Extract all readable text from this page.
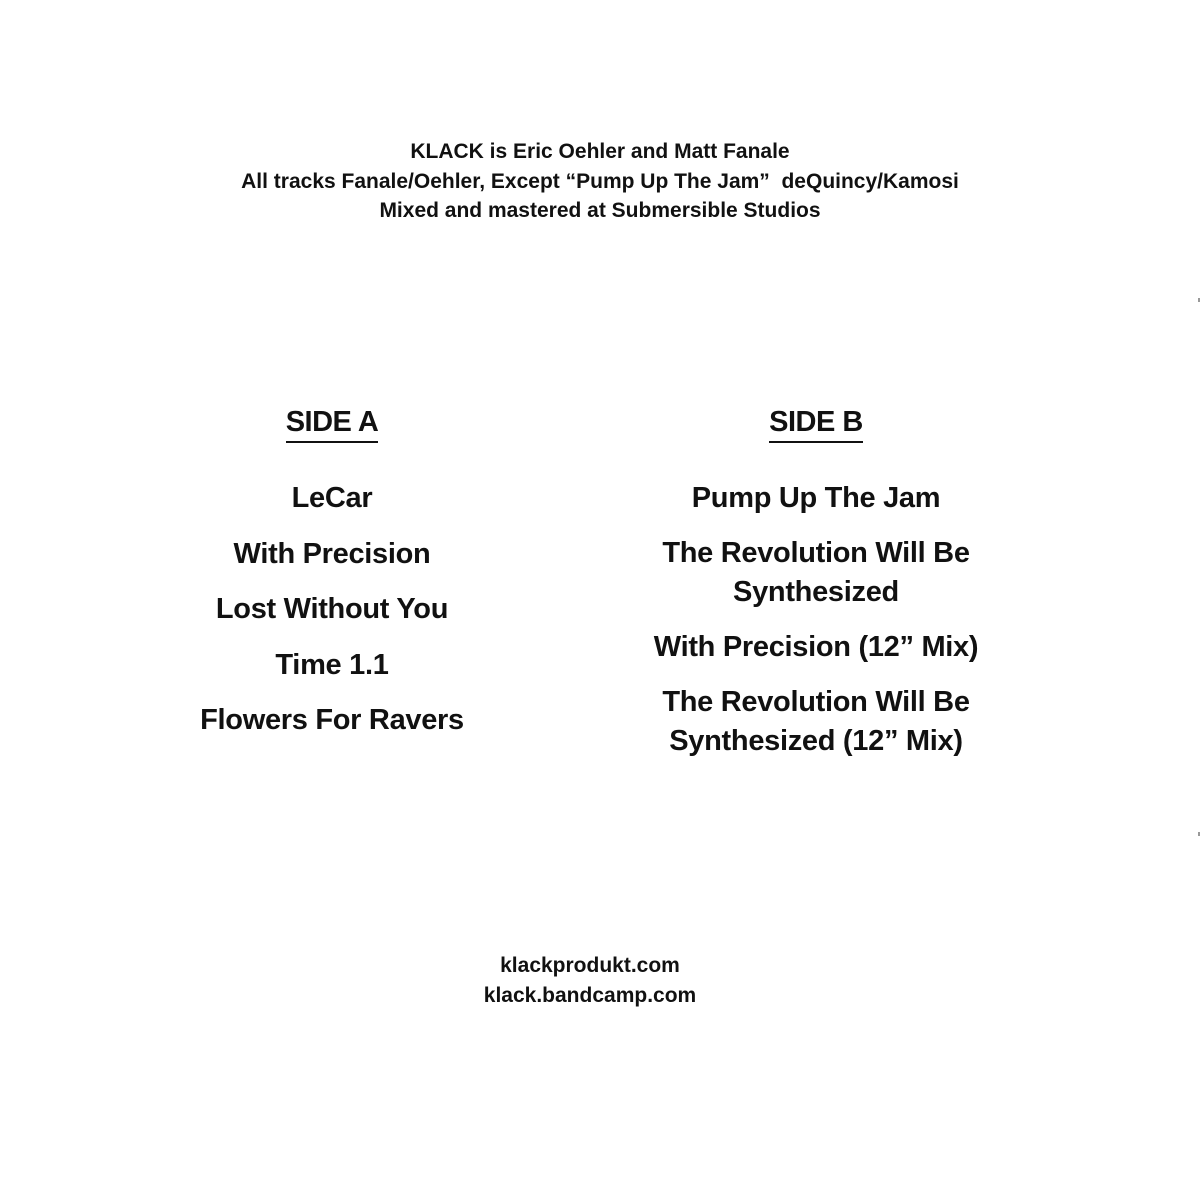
KLACK is Eric Oehler and Matt Fanale
All tracks Fanale/Oehler, Except “Pump Up The Jam”  deQuincy/Kamosi
Mixed and mastered at Submersible Studios
SIDE A
LeCar
With Precision
Lost Without You
Time 1.1
Flowers For Ravers
SIDE B
Pump Up The Jam
The Revolution Will Be Synthesized
With Precision (12” Mix)
The Revolution Will Be Synthesized (12” Mix)
klackprodukt.com
klack.bandcamp.com
